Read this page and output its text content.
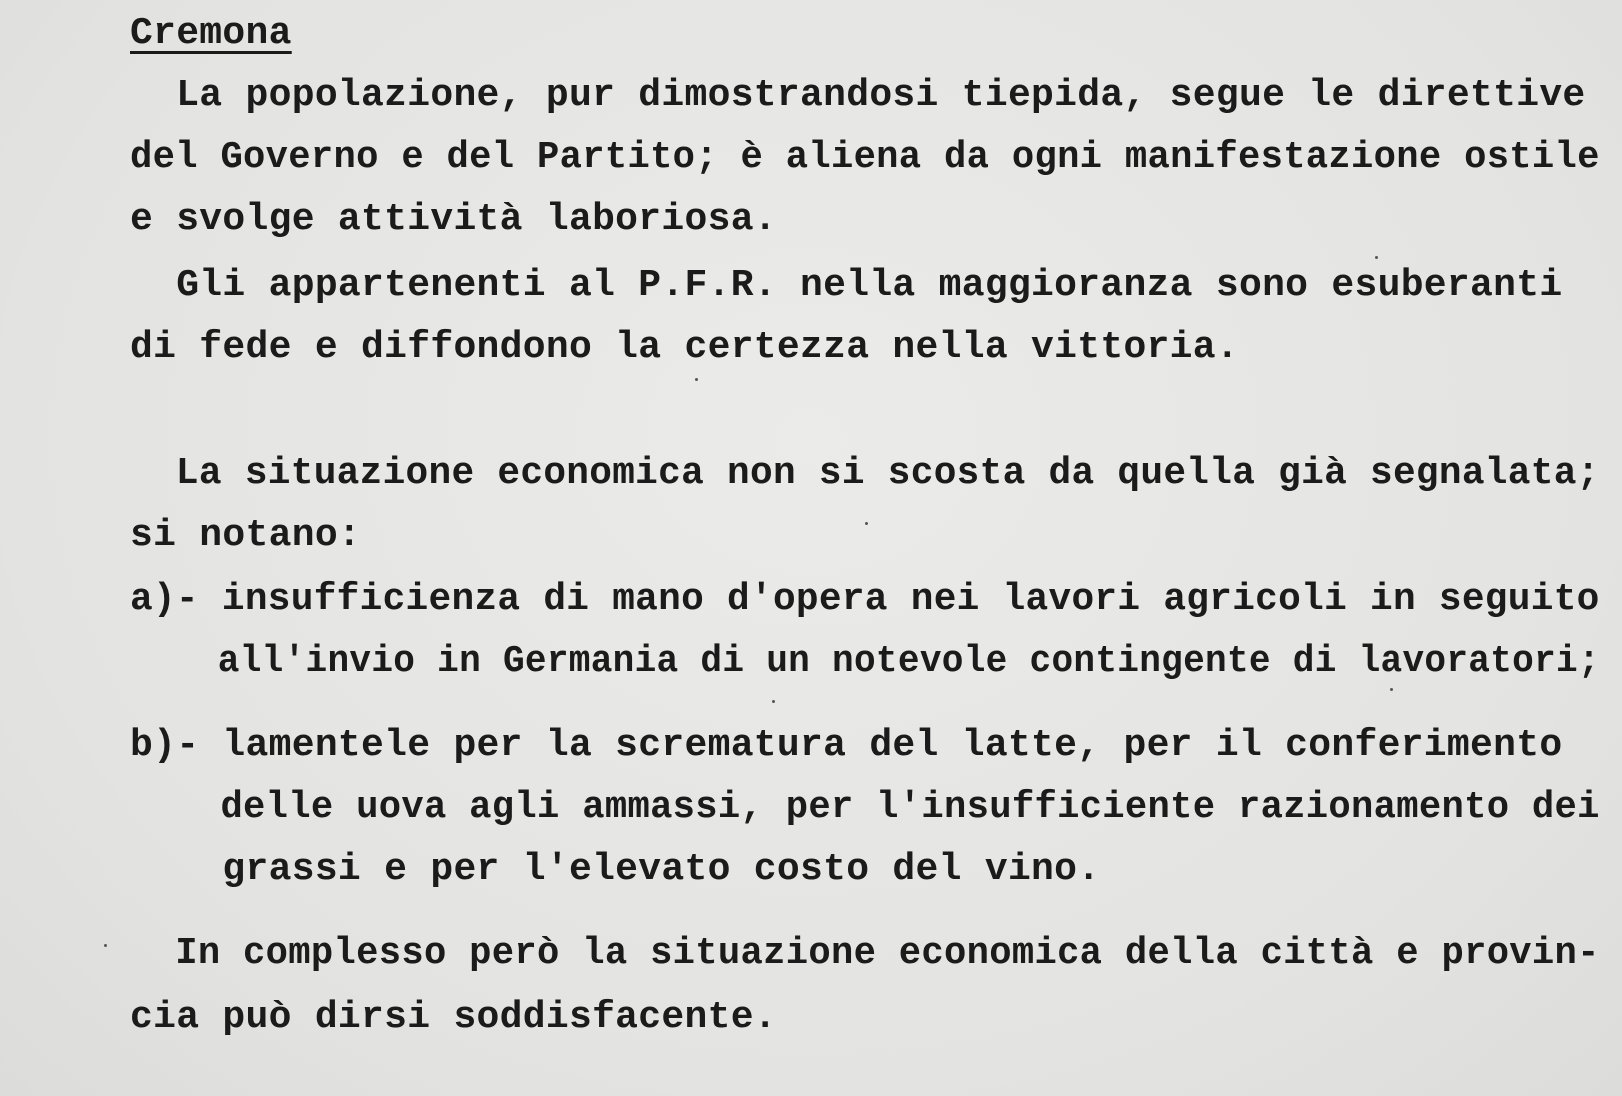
Cremona
La popolazione, pur dimostrandosi tiepida, segue le direttive
del Governo e del Partito; è aliena da ogni manifestazione ostile
e svolge attività laboriosa.
Gli appartenenti al P.F.R. nella maggioranza sono esuberanti
di fede e diffondono la certezza nella vittoria.
La situazione economica non si scosta da quella già segnalata;
si notano:
a)- insufficienza di mano d'opera nei lavori agricoli in seguito
all'invio in Germania di un notevole contingente di lavoratori;
b)- lamentele per la scrematura del latte, per il conferimento
delle uova agli ammassi, per l'insufficiente razionamento dei
grassi e per l'elevato costo del vino.
In complesso però la situazione economica della città e provin-
cia può dirsi soddisfacente.
